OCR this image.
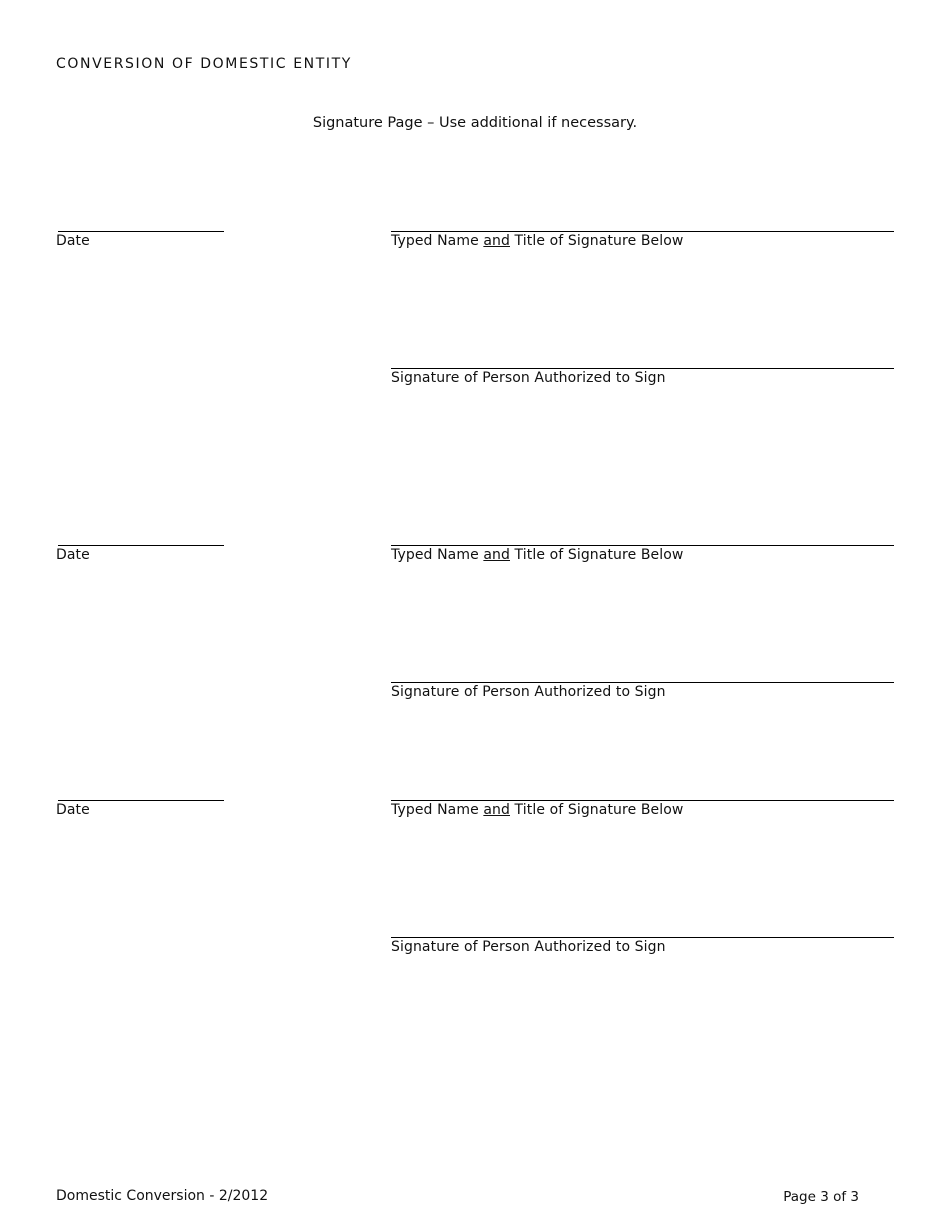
CONVERSION OF DOMESTIC ENTITY
Signature Page – Use additional if necessary.
Date	Typed Name and Title of Signature Below
Signature of Person Authorized to Sign
Date	Typed Name and Title of Signature Below
Signature of Person Authorized to Sign
Date	Typed Name and Title of Signature Below
Signature of Person Authorized to Sign
Domestic Conversion - 2/2012	Page 3 of 3
